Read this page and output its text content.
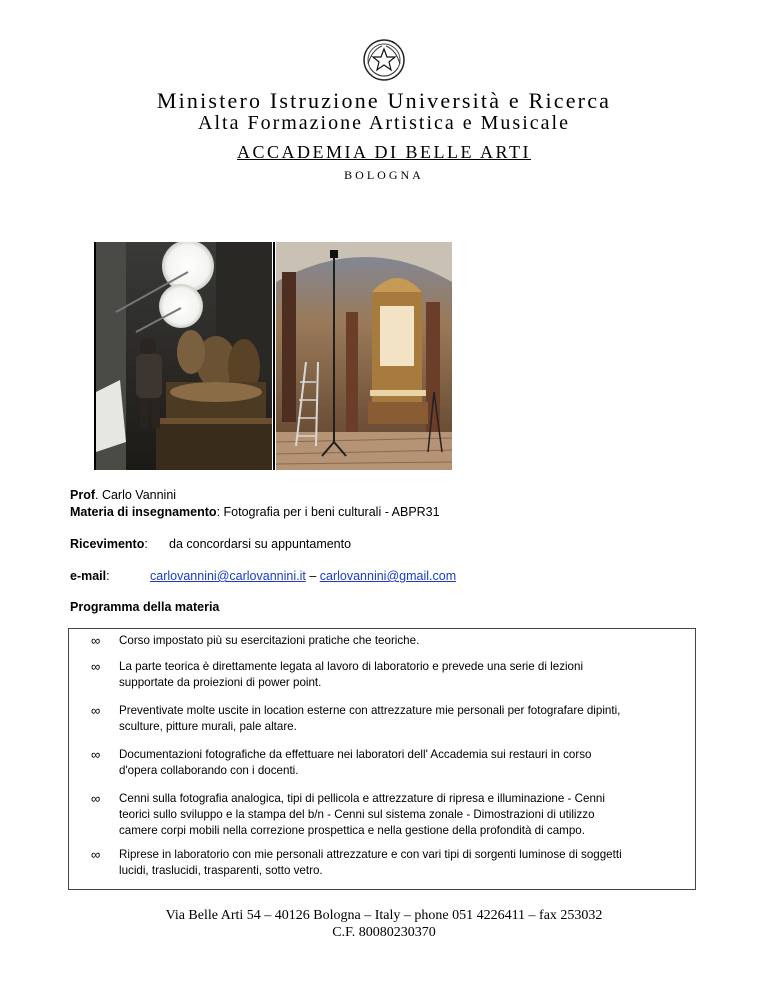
Ministero Istruzione Università e Ricerca
Alta Formazione Artistica e Musicale
ACCADEMIA DI BELLE ARTI
BOLOGNA
Prof. Carlo Vannini
Materia di insegnamento: Fotografia per i beni culturali - ABPR31
Ricevimento: da concordarsi su appuntamento
e-mail:	carlovannini@carlovannini.it – carlovannini@gmail.com
Programma della materia
∞ Corso impostato più su esercitazioni pratiche che teoriche.
∞ La parte teorica è direttamente legata al lavoro di laboratorio e prevede una serie di lezioni
supportate da proiezioni di power point.
∞ Preventivate molte uscite in location esterne con attrezzature mie personali per fotografare dipinti,
sculture, pitture murali, pale altare.
∞ Documentazioni fotografiche da effettuare nei laboratori dell' Accademia sui restauri in corso
d'opera collaborando con i docenti.
∞ Cenni sulla fotografia analogica, tipi di pellicola e attrezzature di ripresa e illuminazione - Cenni
teorici sullo sviluppo e la stampa del b/n - Cenni sul sistema zonale - Dimostrazioni di utilizzo
camere corpi mobili nella correzione prospettica e nella gestione della profondità di campo.
∞ Riprese in laboratorio con mie personali attrezzature e con vari tipi di sorgenti luminose di soggetti
lucidi, traslucidi, trasparenti, sotto vetro.
Via Belle Arti 54 – 40126 Bologna – Italy – phone 051 4226411 – fax 253032
C.F. 80080230370
